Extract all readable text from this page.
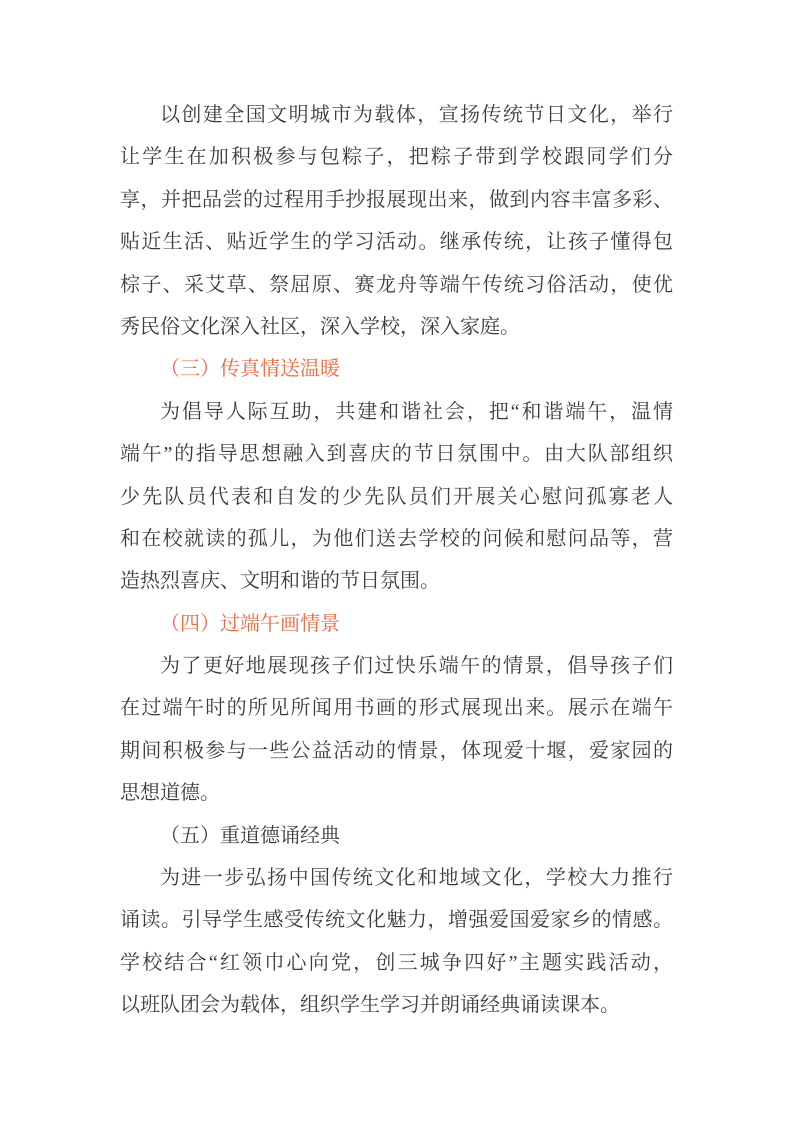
以创建全国文明城市为载体，宣扬传统节日文化，举行
让学生在加积极参与包粽子，把粽子带到学校跟同学们分
享，并把品尝的过程用手抄报展现出来，做到内容丰富多彩、
贴近生活、贴近学生的学习活动。继承传统，让孩子懂得包
棕子、采艾草、祭屈原、赛龙舟等端午传统习俗活动，使优
秀民俗文化深入社区，深入学校，深入家庭。
（三）传真情送温暖
为倡导人际互助，共建和谐社会，把“和谐端午，温情
端午”的指导思想融入到喜庆的节日氛围中。由大队部组织
少先队员代表和自发的少先队员们开展关心慰问孤寡老人
和在校就读的孤儿，为他们送去学校的问候和慰问品等，营
造热烈喜庆、文明和谐的节日氛围。
（四）过端午画情景
为了更好地展现孩子们过快乐端午的情景，倡导孩子们
在过端午时的所见所闻用书画的形式展现出来。展示在端午
期间积极参与一些公益活动的情景，体现爱十堰，爱家园的
思想道德。
（五）重道德诵经典
为进一步弘扬中国传统文化和地域文化，学校大力推行
诵读。引导学生感受传统文化魅力，增强爱国爱家乡的情感。
学校结合“红领巾心向党，创三城争四好”主题实践活动，
以班队团会为载体，组织学生学习并朗诵经典诵读课本。
